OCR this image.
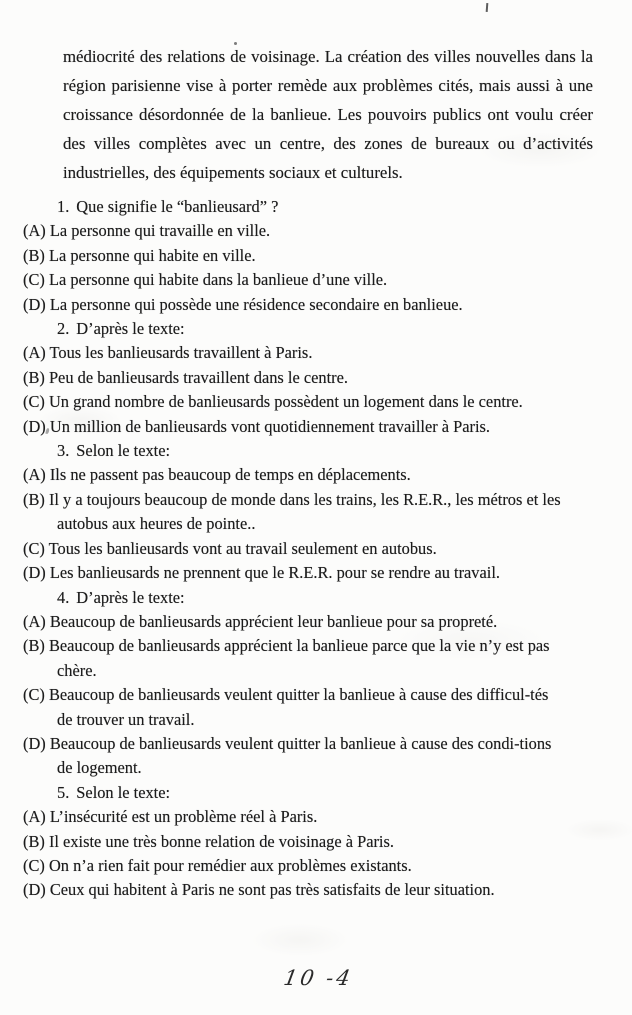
médiocrité des relations de voisinage. La création des villes nouvelles dans la région parisienne vise à porter remède aux problèmes cités, mais aussi à une croissance désordonnée de la banlieue. Les pouvoirs publics ont voulu créer des villes complètes avec un centre, des zones de bureaux ou d’activités industrielles, des équipements sociaux et culturels.

1. Que signifie le “banlieusard” ?

(A) La personne qui travaille en ville.

(B) La personne qui habite en ville.

(C) La personne qui habite dans la banlieue d’une ville.

(D) La personne qui possède une résidence secondaire en banlieue.

2. D’après le texte:

(A) Tous les banlieusards travaillent à Paris.

(B) Peu de banlieusards travaillent dans le centre.

(C) Un grand nombre de banlieusards possèdent un logement dans le centre.

(D) Un million de banlieusards vont quotidiennement travailler à Paris.

3. Selon le texte:

(A) Ils ne passent pas beaucoup de temps en déplacements.

(B) Il y a toujours beaucoup de monde dans les trains, les R.E.R., les métros et les autobus aux heures de pointe..

(C) Tous les banlieusards vont au travail seulement en autobus.

(D) Les banlieusards ne prennent que le R.E.R. pour se rendre au travail.

4. D’après le texte:

(A) Beaucoup de banlieusards apprécient leur banlieue pour sa propreté.

(B) Beaucoup de banlieusards apprécient la banlieue parce que la vie n’y est pas chère.

(C) Beaucoup de banlieusards veulent quitter la banlieue à cause des difficul-tés de trouver un travail.

(D) Beaucoup de banlieusards veulent quitter la banlieue à cause des condi-tions de logement.

5. Selon le texte:

(A) L’insécurité est un problème réel à Paris.

(B) Il existe une très bonne relation de voisinage à Paris.

(C) On n’a rien fait pour remédier aux problèmes existants.

(D) Ceux qui habitent à Paris ne sont pas très satisfaits de leur situation.

10 -4
